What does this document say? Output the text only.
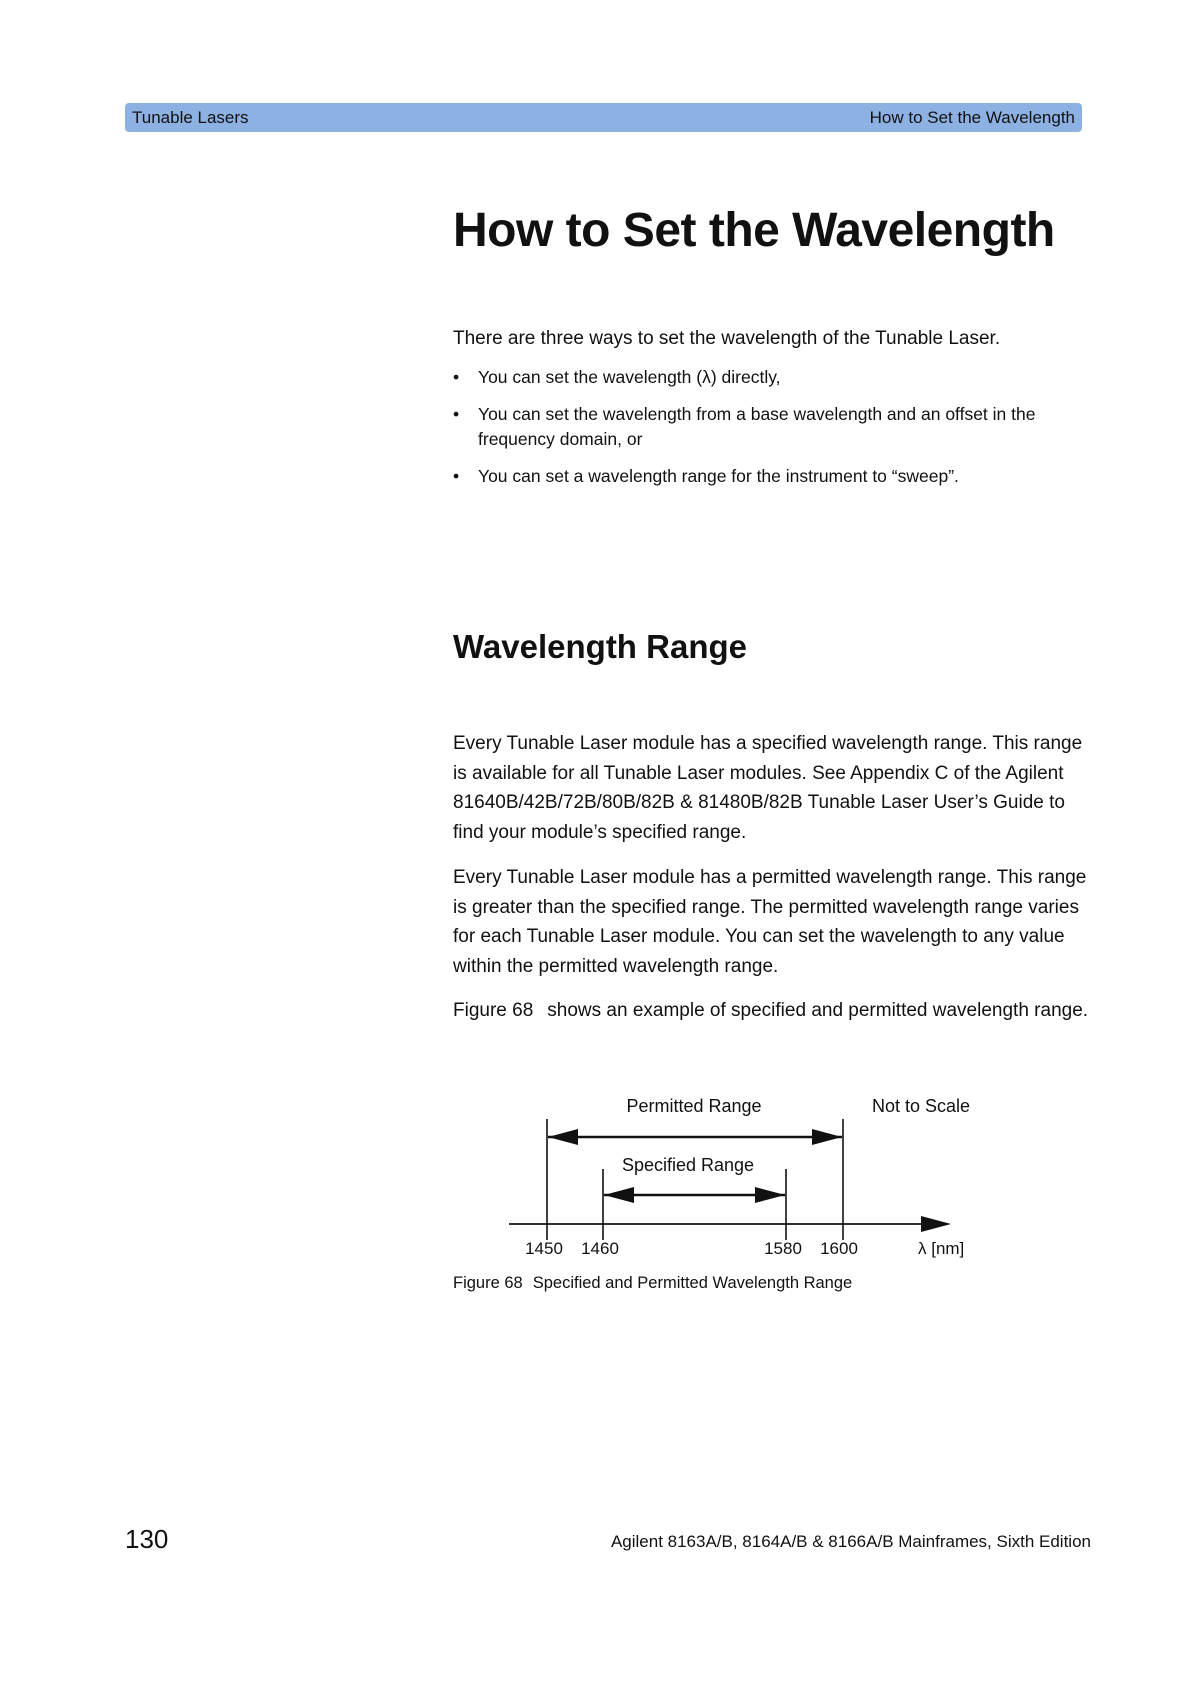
Tunable Lasers	How to Set the Wavelength
How to Set the Wavelength

There are three ways to set the wavelength of the Tunable Laser.

• You can set the wavelength (λ) directly,
• You can set the wavelength from a base wavelength and an offset in the frequency domain, or
• You can set a wavelength range for the instrument to “sweep”.
Wavelength Range

Every Tunable Laser module has a specified wavelength range. This range is available for all Tunable Laser modules. See Appendix C of the Agilent 81640B/42B/72B/80B/82B & 81480B/82B Tunable Laser User’s Guide to find your module’s specified range.

Every Tunable Laser module has a permitted wavelength range. This range is greater than the specified range. The permitted wavelength range varies for each Tunable Laser module. You can set the wavelength to any value within the permitted wavelength range.

Figure 68 shows an example of specified and permitted wavelength range.

Permitted Range	Not to Scale
Specified Range
1450 1460	1580 1600	λ [nm]

Figure 68 Specified and Permitted Wavelength Range

130	Agilent 8163A/B, 8164A/B & 8166A/B Mainframes, Sixth Edition
